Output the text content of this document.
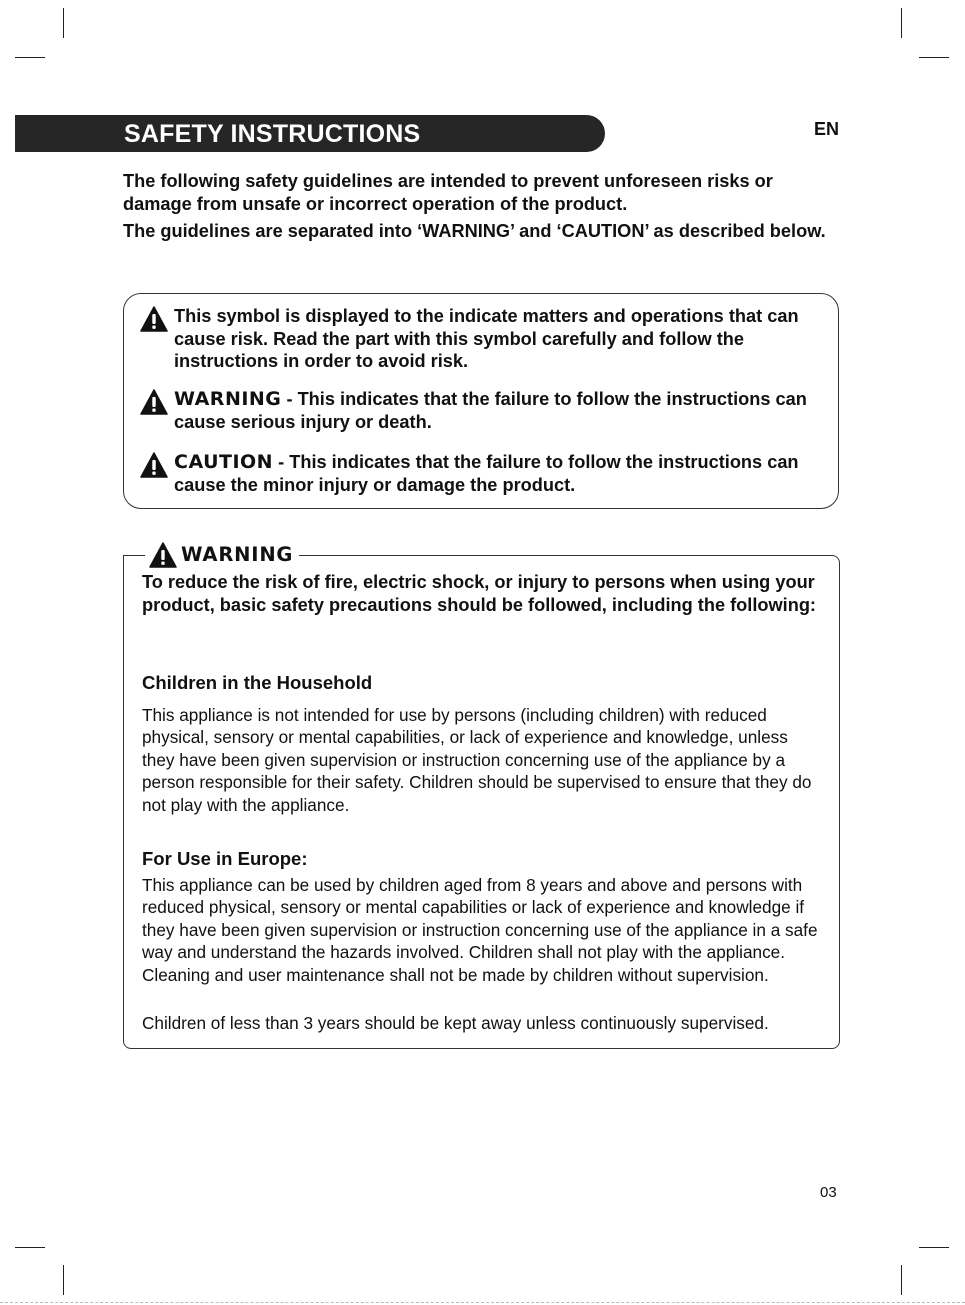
SAFETY INSTRUCTIONS	EN

The following safety guidelines are intended to prevent unforeseen risks or damage from unsafe or incorrect operation of the product.

The guidelines are separated into ‘WARNING’ and ‘CAUTION’ as described below.

This symbol is displayed to the indicate matters and operations that can cause risk. Read the part with this symbol carefully and follow the instructions in order to avoid risk.
WARNING - This indicates that the failure to follow the instructions can cause serious injury or death.
CAUTION - This indicates that the failure to follow the instructions can cause the minor injury or damage the product.
To reduce the risk of fire, electric shock, or injury to persons when using your product, basic safety precautions should be followed, including the following:
Children in the Household
This appliance is not intended for use by persons (including children) with reduced physical, sensory or mental capabilities, or lack of experience and knowledge, unless they have been given supervision or instruction concerning use of the appliance by a person responsible for their safety. Children should be supervised to ensure that they do not play with the appliance.
For Use in Europe:
This appliance can be used by children aged from 8 years and above and persons with reduced physical, sensory or mental capabilities or lack of experience and knowledge if they have been given supervision or instruction concerning use of the appliance in a safe way and understand the hazards involved. Children shall not play with the appliance. Cleaning and user maintenance shall not be made by children without supervision.
Children of less than 3 years should be kept away unless continuously supervised.
WARNING
03
